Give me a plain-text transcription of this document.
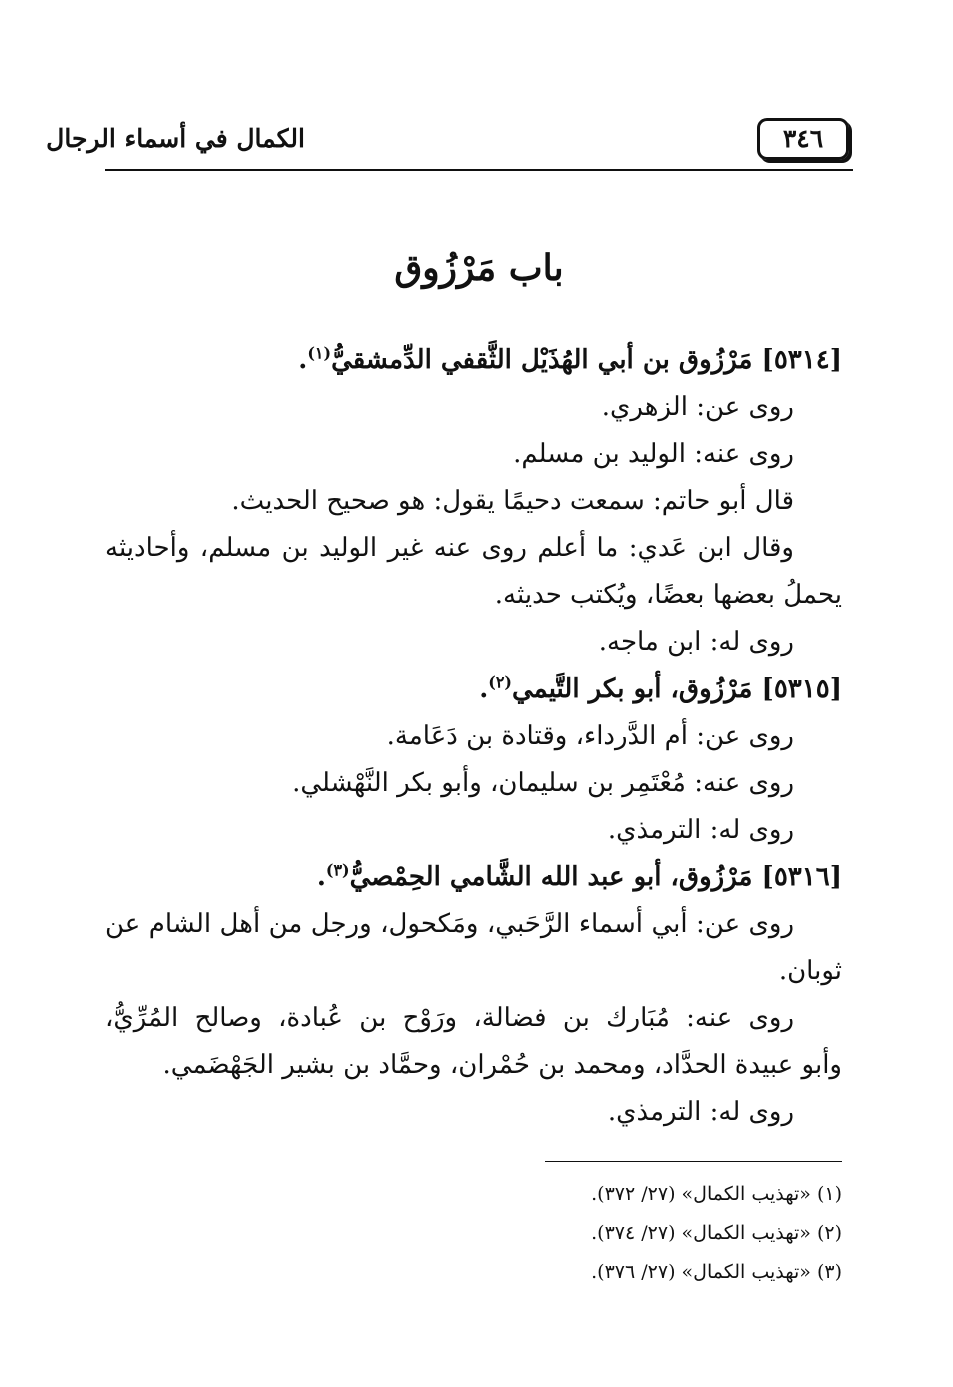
الكمال في أسماء الرجال	٣٤٦
باب مَرْزُوق
[٥٣١٤] مَرْزُوق بن أبي الهُذَيْل الثَّقفي الدِّمشقيُّ$^{(١)}$.
روى عن: الزهري.
روى عنه: الوليد بن مسلم.
قال أبو حاتم: سمعت دحيمًا يقول: هو صحيح الحديث.
وقال ابن عَدي: ما أعلم روى عنه غير الوليد بن مسلم، وأحاديثه
يحملُ بعضها بعضًا، ويُكتب حديثه.
روى له: ابن ماجه.
[٥٣١٥] مَرْزُوق، أبو بكر التَّيمي$^{(٢)}$.
روى عن: أم الدَّرداء، وقتادة بن دَعَامة.
روى عنه: مُعْتَمِر بن سليمان، وأبو بكر النَّهْشلي.
روى له: الترمذي.
[٥٣١٦] مَرْزُوق، أبو عبد الله الشَّامي الحِمْصيُّ$^{(٣)}$.
روى عن: أبي أسماء الرَّحَبي، ومَكحول، ورجل من أهل الشام عن
ثوبان.
روى عنه: مُبَارك بن فضالة، ورَوْح بن عُبادة، وصالح المُرِّيُّ،
وأبو عبيدة الحدَّاد، ومحمد بن حُمْران، وحمَّاد بن بشير الجَهْضَمي.
روى له: الترمذي.
(١) «تهذيب الكمال» (٢٧/ ٣٧٢).
(٢) «تهذيب الكمال» (٢٧/ ٣٧٤).
(٣) «تهذيب الكمال» (٢٧/ ٣٧٦).
